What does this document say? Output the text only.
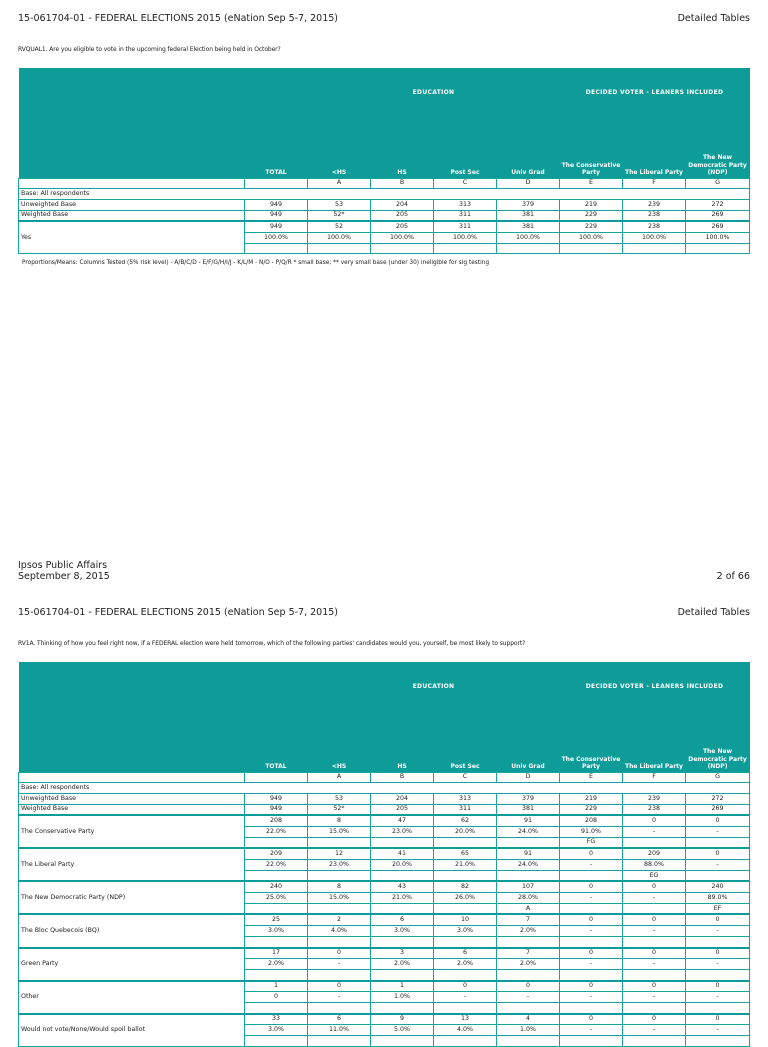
15-061704-01 - FEDERAL ELECTIONS 2015 (eNation Sep 5-7, 2015)	Detailed Tables
RVQUAL1. Are you eligible to vote in the upcoming federal Election being held in October?
		EDUCATION				DECIDED VOTER - LEANERS INCLUDED		
	TOTAL	<HS	HS	Post Sec	Univ Grad	The Conservative Party	The Liberal Party	The New Democratic Party (NDP)
		A	B	C	D	E	F	G
Base: All respondents								
Unweighted Base	949	53	204	313	379	219	239	272
Weighted Base	949	52*	205	311	381	229	238	269
Yes	949	52	205	311	381	229	238	269
	100.0%	100.0%	100.0%	100.0%	100.0%	100.0%	100.0%	100.0%

Proportions/Means: Columns Tested (5% risk level) - A/B/C/D - E/F/G/H/I/J - K/L/M - N/O - P/Q/R * small base; ** very small base (under 30) ineligible for sig testing
Ipsos Public Affairs
September 8, 2015	2 of 66
15-061704-01 - FEDERAL ELECTIONS 2015 (eNation Sep 5-7, 2015)	Detailed Tables
RV1A. Thinking of how you feel right now, if a FEDERAL election were held tomorrow, which of the following parties' candidates would you, yourself, be most likely to support?
		EDUCATION				DECIDED VOTER - LEANERS INCLUDED		
	TOTAL	<HS	HS	Post Sec	Univ Grad	The Conservative Party	The Liberal Party	The New Democratic Party (NDP)
		A	B	C	D	E	F	G
Base: All respondents								
Unweighted Base	949	53	204	313	379	219	239	272
Weighted Base	949	52*	205	311	381	229	238	269
The Conservative Party	208	8	47	62	91	208	0	0
	22.0%	15.0%	23.0%	20.0%	24.0%	91.0%	-	-
						FG		
The Liberal Party	209	12	41	65	91	0	209	0
	22.0%	23.0%	20.0%	21.0%	24.0%	-	88.0%	-
							EG	
The New Democratic Party (NDP)	240	8	43	82	107	0	0	240
	25.0%	15.0%	21.0%	26.0%	28.0%	-	-	89.0%
					A			EF
The Bloc Quebecois (BQ)	25	2	6	10	7	0	0	0
	3.0%	4.0%	3.0%	3.0%	2.0%	-	-	-

Green Party	17	0	3	6	7	0	0	0
	2.0%	-	2.0%	2.0%	2.0%	-	-	-

Other	1	0	1	0	0	0	0	0
	0	-	1.0%	-	-	-	-	-

Would not vote/None/Would spoil ballot	33	6	9	13	4	0	0	0
	3.0%	11.0%	5.0%	4.0%	1.0%	-	-	-
